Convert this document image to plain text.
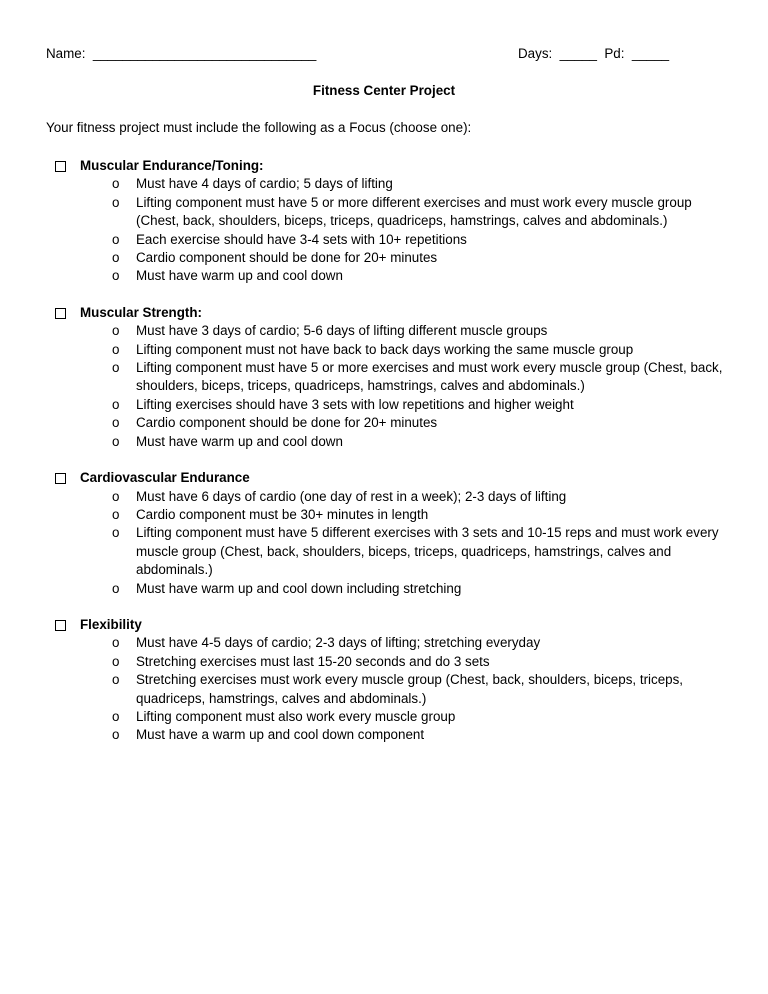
Name:  ______________________________	Days:  _____  Pd:  _____
Fitness Center Project
Your fitness project must include the following as a Focus (choose one):
Muscular Endurance/Toning:
o	Must have 4 days of cardio; 5 days of lifting
o	Lifting component must have 5 or more different exercises and must work every muscle group (Chest, back, shoulders, biceps, triceps, quadriceps, hamstrings, calves and abdominals.)
o	Each exercise should have 3-4 sets with 10+ repetitions
o	Cardio component should be done for 20+ minutes
o	Must have warm up and cool down
Muscular Strength:
o	Must have 3 days of cardio; 5-6 days of lifting different muscle groups
o	Lifting component must not have back to back days working the same muscle group
o	Lifting component must have 5 or more exercises and must work every muscle group (Chest, back, shoulders, biceps, triceps, quadriceps, hamstrings, calves and abdominals.)
o	Lifting exercises should have 3 sets with low repetitions and higher weight
o	Cardio component should be done for 20+ minutes
o	Must have warm up and cool down
Cardiovascular Endurance
o	Must have 6 days of cardio (one day of rest in a week); 2-3 days of lifting
o	Cardio component must be 30+ minutes in length
o	Lifting component must have 5 different exercises with 3 sets and 10-15 reps and must work every muscle group (Chest, back, shoulders, biceps, triceps, quadriceps, hamstrings, calves and abdominals.)
o	Must have warm up and cool down including stretching
Flexibility
o	Must have 4-5 days of cardio; 2-3 days of lifting; stretching everyday
o	Stretching exercises must last 15-20 seconds and do 3 sets
o	Stretching exercises must work every muscle group (Chest, back, shoulders, biceps, triceps, quadriceps, hamstrings, calves and abdominals.)
o	Lifting component must also work every muscle group
o	Must have a warm up and cool down component
